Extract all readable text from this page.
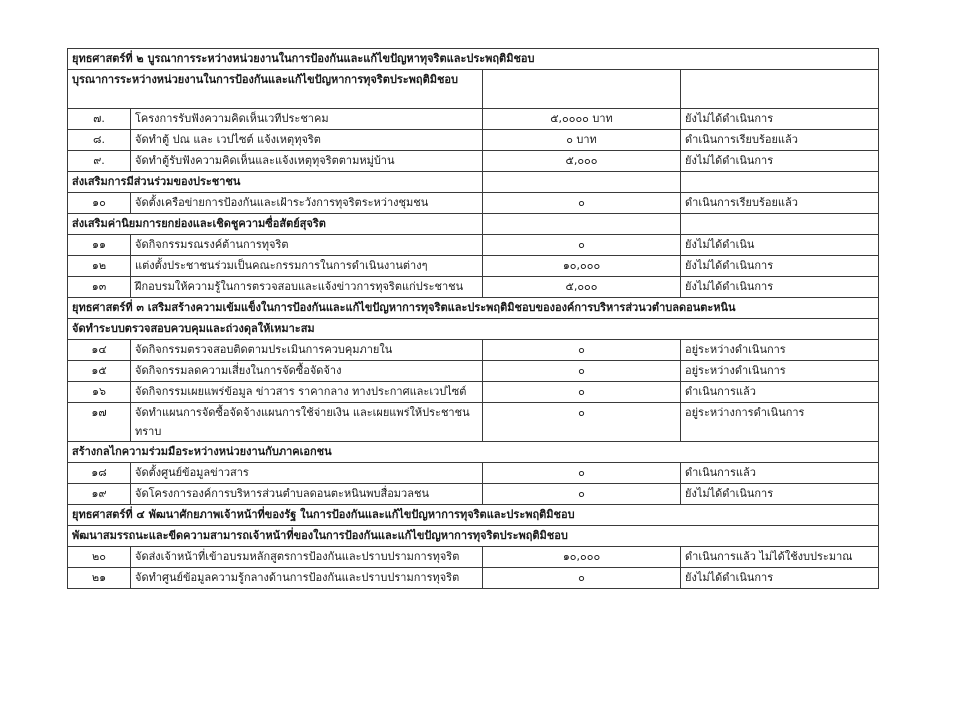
ยุทธศาสตร์ที่ ๒ บูรณาการระหว่างหน่วยงานในการป้องกันและแก้ไขปัญหาทุจริตและประพฤติมิชอบ			
บุรณาการระหว่างหน่วยงานในการป้องกันและแก้ไขปัญหาการทุจริตประพฤติมิชอบ			
๗.	โครงการรับฟังความคิดเห็นเวทีประชาคม	๕,๐๐๐๐ บาท	ยังไม่ได้ดำเนินการ
๘.	จัดทำตู้ ปณ และ เวปไซต์ แจ้งเหตุทุจริต	๐ บาท	ดำเนินการเรียบร้อยแล้ว
๙.	จัดทำตู้รับฟังความคิดเห็นและแจ้งเหตุทุจริตตามหมู่บ้าน	๕,๐๐๐	ยังไม่ได้ดำเนินการ
ส่งเสริมการมีส่วนร่วมของประชาชน			
๑๐	จัดตั้งเครือข่ายการป้องกันและเฝ้าระวังการทุจริตระหว่างชุมชน	๐	ดำเนินการเรียบร้อยแล้ว
ส่งเสริมค่านิยมการยกย่องและเชิดชูความซื่อสัตย์สุจริต			
๑๑	จัดกิจกรรมรณรงค์ต้านการทุจริต	๐	ยังไม่ได้ดำเนิน
๑๒	แต่งตั้งประชาชนร่วมเป็นคณะกรรมการในการดำเนินงานต่างๆ	๑๐,๐๐๐	ยังไม่ได้ดำเนินการ
๑๓	ฝึกอบรมให้ความรู้ในการตรวจสอบและแจ้งข่าวการทุจริตแก่ประชาชน	๕,๐๐๐	ยังไม่ได้ดำเนินการ
ยุทธศาสตร์ที่ ๓ เสริมสร้างความเข้มแข็งในการป้องกันและแก้ไขปัญหาการทุจริตและประพฤติมิชอบขององค์การบริหารส่วนวตำบลดอนตะหนิน			
จัดทำระบบตรวจสอบควบคุมและถ่วงดุลให้เหมาะสม			
๑๔	จัดกิจกรรมตรวจสอบติดตามประเมินการควบคุมภายใน	๐	อยู่ระหว่างดำเนินการ
๑๕	จัดกิจกรรมลดความเสี่ยงในการจัดซื้อจัดจ้าง	๐	อยู่ระหว่างดำเนินการ
๑๖	จัดกิจกรรมเผยแพร่ข้อมูล ข่าวสาร ราคากลาง ทางประกาศและเวปไซต์	๐	ดำเนินการแล้ว
๑๗	จัดทำแผนการจัดซื้อจัดจ้างแผนการใช้จ่ายเงิน และเผยแพร่ให้ประชาชนทราบ	๐	อยู่ระหว่างการดำเนินการ
สร้างกลไกความร่วมมือระหว่างหน่วยงานกับภาคเอกชน			
๑๘	จัดตั้งศูนย์ข้อมูลข่าวสาร	๐	ดำเนินการแล้ว
๑๙	จัดโครงการองค์การบริหารส่วนตำบลดอนตะหนินพบสื่อมวลชน	๐	ยังไม่ได้ดำเนินการ
ยุทธศาสตร์ที่ ๔ พัฒนาศักยภาพเจ้าหน้าที่ของรัฐ ในการป้องกันและแก้ไขปัญหาการทุจริตและประพฤติมิชอบ			
พัฒนาสมรรถนะและขีดความสามารถเจ้าหน้าที่ของในการป้องกันและแก้ไขปัญหาการทุจริตประพฤติมิชอบ			
๒๐	จัดส่งเจ้าหน้าที่เข้าอบรมหลักสูตรการป้องกันและปราบปรามการทุจริต	๑๐,๐๐๐	ดำเนินการแล้ว ไม่ได้ใช้งบประมาณ
๒๑	จัดทำศูนย์ข้อมูลความรู้กลางด้านการป้องกันและปราบปรามการทุจริต	๐	ยังไม่ได้ดำเนินการ
